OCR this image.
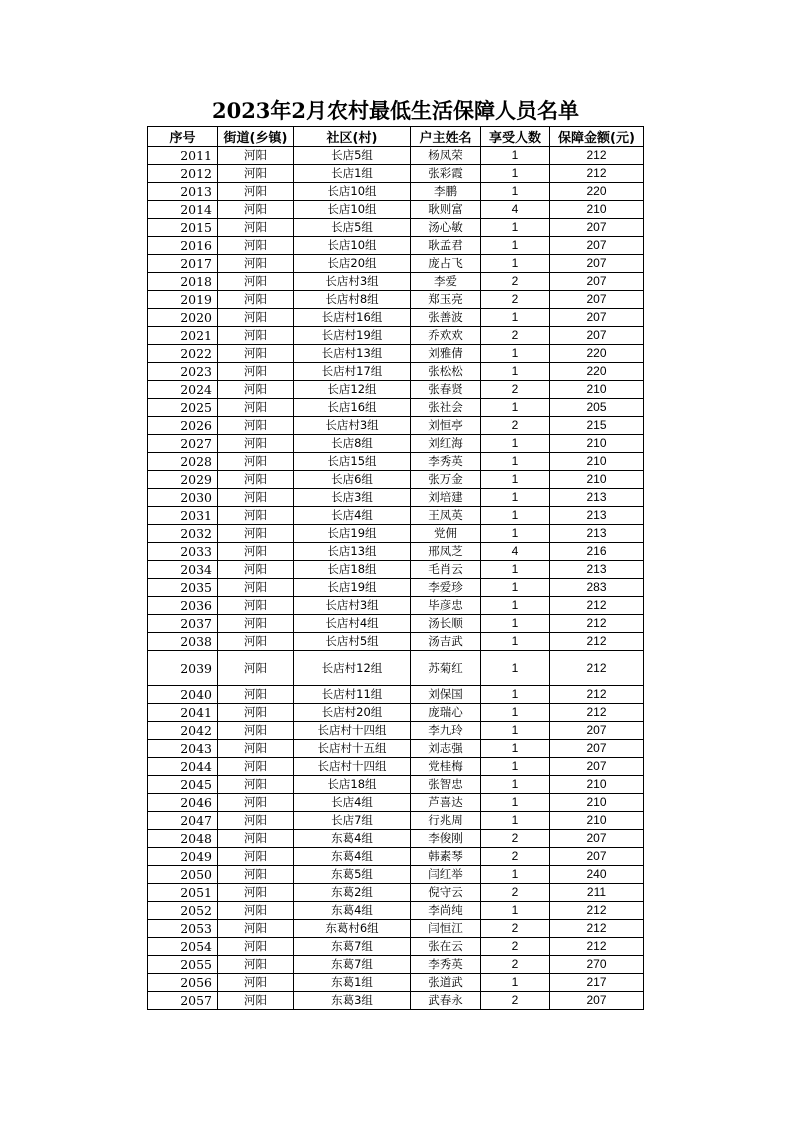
2023年2月农村最低生活保障人员名单
序号	街道(乡镇)	社区(村)	户主姓名	享受人数	保障金额(元)
2011	河阳	长店5组	杨凤荣	1	212
2012	河阳	长店1组	张彩霞	1	212
2013	河阳	长店10组	李鹏	1	220
2014	河阳	长店10组	耿则富	4	210
2015	河阳	长店5组	汤心敏	1	207
2016	河阳	长店10组	耿孟君	1	207
2017	河阳	长店20组	庞占飞	1	207
2018	河阳	长店村3组	李爱	2	207
2019	河阳	长店村8组	郑玉亮	2	207
2020	河阳	长店村16组	张善波	1	207
2021	河阳	长店村19组	乔欢欢	2	207
2022	河阳	长店村13组	刘雅倩	1	220
2023	河阳	长店村17组	张松松	1	220
2024	河阳	长店12组	张春贤	2	210
2025	河阳	长店16组	张社会	1	205
2026	河阳	长店村3组	刘恒亭	2	215
2027	河阳	长店8组	刘红海	1	210
2028	河阳	长店15组	李秀英	1	210
2029	河阳	长店6组	张万金	1	210
2030	河阳	长店3组	刘培建	1	213
2031	河阳	长店4组	王凤英	1	213
2032	河阳	长店19组	党佣	1	213
2033	河阳	长店13组	邢凤芝	4	216
2034	河阳	长店18组	毛肖云	1	213
2035	河阳	长店19组	李爱珍	1	283
2036	河阳	长店村3组	毕彦忠	1	212
2037	河阳	长店村4组	汤长顺	1	212
2038	河阳	长店村5组	汤吉武	1	212
2039	河阳	长店村12组	苏菊红	1	212
2040	河阳	长店村11组	刘保国	1	212
2041	河阳	长店村20组	庞瑞心	1	212
2042	河阳	长店村十四组	李九玲	1	207
2043	河阳	长店村十五组	刘志强	1	207
2044	河阳	长店村十四组	党桂梅	1	207
2045	河阳	长店18组	张智忠	1	210
2046	河阳	长店4组	芦喜达	1	210
2047	河阳	长店7组	行兆周	1	210
2048	河阳	东葛4组	李俊刚	2	207
2049	河阳	东葛4组	韩素琴	2	207
2050	河阳	东葛5组	闫红举	1	240
2051	河阳	东葛2组	倪守云	2	211
2052	河阳	东葛4组	李尚纯	1	212
2053	河阳	东葛村6组	闫恒江	2	212
2054	河阳	东葛7组	张在云	2	212
2055	河阳	东葛7组	李秀英	2	270
2056	河阳	东葛1组	张道武	1	217
2057	河阳	东葛3组	武春永	2	207
